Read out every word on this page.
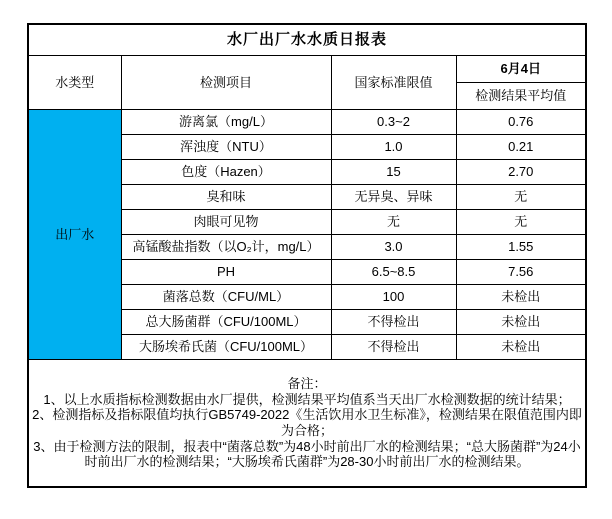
水厂出厂水水质日报表			
水类型	检测项目	国家标准限值	6月4日
			检测结果平均值
出厂水	游离氯（mg/L）	0.3~2	0.76
	浑浊度（NTU）	1.0	0.21
	色度（Hazen）	15	2.70
	臭和味	无异臭、异味	无
	肉眼可见物	无	无
	高锰酸盐指数（以O₂计，mg/L）	3.0	1.55
	PH	6.5~8.5	7.56
	菌落总数（CFU/ML）	100	未检出
	总大肠菌群（CFU/100ML）	不得检出	未检出
	大肠埃希氏菌（CFU/100ML）	不得检出	未检出

备注：
1、以上水质指标检测数据由水厂提供，检测结果平均值系当天出厂水检测数据的统计结果；
2、检测指标及指标限值均执行GB5749-2022《生活饮用水卫生标准》，检测结果在限值范围内即为合格；
3、由于检测方法的限制，报表中“菌落总数”为48小时前出厂水的检测结果；“总大肠菌群”为24小时前出厂水的检测结果；“大肠埃希氏菌群”为28-30小时前出厂水的检测结果。			
